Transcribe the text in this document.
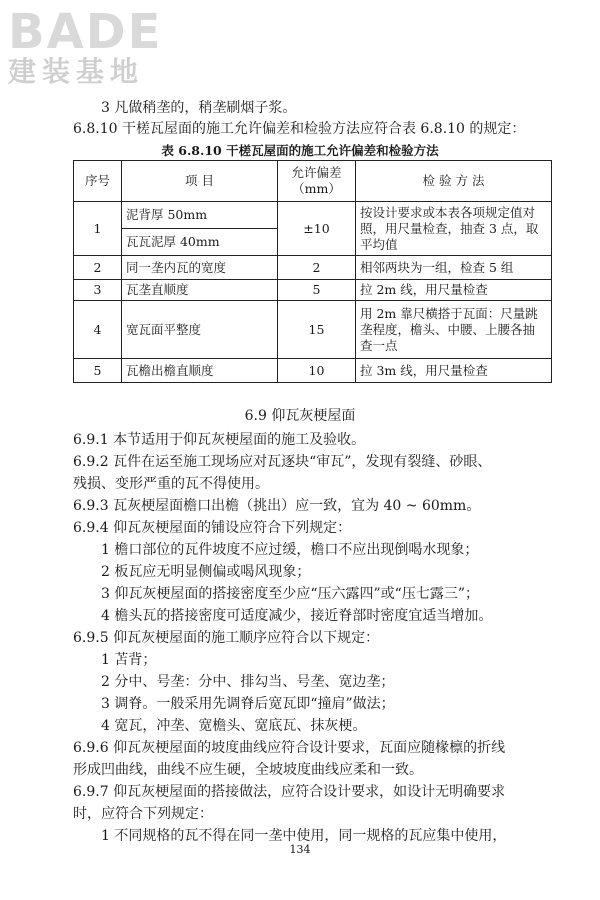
BADE
建装基地
3 凡做稍垄的，稍垄刷烟子浆。
6.8.10 干槎瓦屋面的施工允许偏差和检验方法应符合表 6.8.10 的规定：
表 6.8.10 干槎瓦屋面的施工允许偏差和检验方法
序号	项 目	允许偏差（mm）	检 验 方 法
1	泥背厚 50mm	±10	按设计要求或本表各项规定值对照，用尺量检查，抽查 3 点，取平均值
	瓦瓦泥厚 40mm		
2	同一垄内瓦的宽度	2	相邻两块为一组，检查 5 组
3	瓦垄直顺度	5	拉 2m 线，用尺量检查
4	宽瓦面平整度	15	用 2m 靠尺横搭于瓦面：尺量跳垄程度，檐头、中腰、上腰各抽查一点
5	瓦檐出檐直顺度	10	拉 3m 线，用尺量检查
6.9 仰瓦灰梗屋面
6.9.1 本节适用于仰瓦灰梗屋面的施工及验收。
6.9.2 瓦件在运至施工现场应对瓦逐块“审瓦”，发现有裂缝、砂眼、
残损、变形严重的瓦不得使用。
6.9.3 瓦灰梗屋面檐口出檐（挑出）应一致，宜为 40 ~ 60mm。
6.9.4 仰瓦灰梗屋面的铺设应符合下列规定：
1 檐口部位的瓦件坡度不应过缓，檐口不应出现倒喝水现象；
2 板瓦应无明显侧偏或喝风现象；
3 仰瓦灰梗屋面的搭接密度至少应“压六露四”或“压七露三”；
4 檐头瓦的搭接密度可适度减少，接近脊部时密度宜适当增加。
6.9.5 仰瓦灰梗屋面的施工顺序应符合以下规定：
1 苫背；
2 分中、号垄：分中、排勾当、号垄、宽边垄；
3 调脊。一般采用先调脊后宽瓦即“撞肩”做法；
4 宽瓦，冲垄、宽檐头、宽底瓦、抹灰梗。
6.9.6 仰瓦灰梗屋面的坡度曲线应符合设计要求，瓦面应随椽檩的折线
形成凹曲线，曲线不应生硬，全坡坡度曲线应柔和一致。
6.9.7 仰瓦灰梗屋面的搭接做法，应符合设计要求，如设计无明确要求
时，应符合下列规定：
1 不同规格的瓦不得在同一垄中使用，同一规格的瓦应集中使用，
134
